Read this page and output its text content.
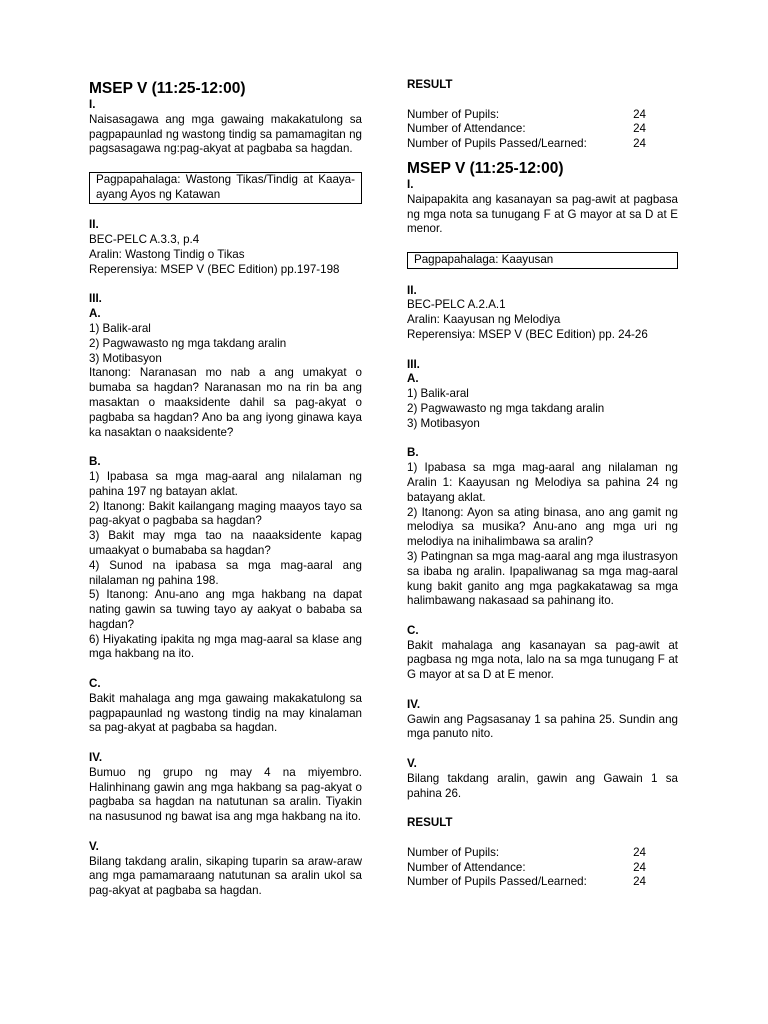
MSEP V (11:25-12:00)

I.

Naisasagawa ang mga gawaing makakatulong sa pagpapaunlad ng wastong tindig sa pamamagitan ng pagsasagawa ng:pag-akyat at pagbaba sa hagdan.

Pagpapahalaga: Wastong Tikas/Tindig at Kaaya-ayang Ayos ng Katawan

II.

BEC-PELC A.3.3, p.4

Aralin: Wastong Tindig o Tikas

Reperensiya: MSEP V (BEC Edition) pp.197-198

III.

A.

1) Balik-aral

2) Pagwawasto ng mga takdang aralin

3) Motibasyon

Itanong: Naranasan mo nab a ang umakyat o bumaba sa hagdan? Naranasan mo na rin ba ang masaktan o maaksidente dahil sa pag-akyat o pagbaba sa hagdan? Ano ba ang iyong ginawa kaya ka nasaktan o naaksidente?

B.

1) Ipabasa sa mga mag-aaral ang nilalaman ng pahina 197 ng batayan aklat.

2) Itanong: Bakit kailangang maging maayos tayo sa pag-akyat o pagbaba sa hagdan?

3) Bakit may mga tao na naaaksidente kapag umaakyat o bumababa sa hagdan?

4) Sunod na ipabasa sa mga mag-aaral ang nilalaman ng pahina 198.

5) Itanong: Anu-ano ang mga hakbang na dapat nating gawin sa tuwing tayo ay aakyat o bababa sa hagdan?

6) Hiyakating ipakita ng mga mag-aaral sa klase ang mga hakbang na ito.

C.

Bakit mahalaga ang mga gawaing makakatulong sa pagpapaunlad ng wastong tindig na may kinalaman sa pag-akyat at pagbaba sa hagdan.

IV.

Bumuo ng grupo ng may 4 na miyembro. Halinhinang gawin ang mga hakbang sa pag-akyat o pagbaba sa hagdan na natutunan sa aralin. Tiyakin na nasusunod ng bawat isa ang mga hakbang na ito.

V.

Bilang takdang aralin, sikaping tuparin sa araw-araw ang mga pamamaraang natutunan sa aralin ukol sa pag-akyat at pagbaba sa hagdan.

RESULT

Number of Pupils:	24
Number of Attendance:	24
Number of Pupils Passed/Learned:	24

MSEP V (11:25-12:00)

I.

Naipapakita ang kasanayan sa pag-awit at pagbasa ng mga nota sa tunugang F at G mayor at sa D at E menor.

Pagpapahalaga: Kaayusan

II.

BEC-PELC A.2.A.1

Aralin: Kaayusan ng Melodiya

Reperensiya: MSEP V (BEC Edition) pp. 24-26

III.

A.

1) Balik-aral

2) Pagwawasto ng mga takdang aralin

3) Motibasyon

B.

1) Ipabasa sa mga mag-aaral ang nilalaman ng Aralin 1: Kaayusan ng Melodiya sa pahina 24 ng batayang aklat.

2) Itanong: Ayon sa ating binasa, ano ang gamit ng melodiya sa musika? Anu-ano ang mga uri ng melodiya na inihalimbawa sa aralin?

3) Patingnan sa mga mag-aaral ang mga ilustrasyon sa ibaba ng aralin. Ipapaliwanag sa mga mag-aaral kung bakit ganito ang mga pagkakatawag sa mga halimbawang nakasaad sa pahinang ito.

C.

Bakit mahalaga ang kasanayan sa pag-awit at pagbasa ng mga nota, lalo na sa mga tunugang F at G mayor at sa D at E menor.

IV.

Gawin ang Pagsasanay 1 sa pahina 25. Sundin ang mga panuto nito.

V.

Bilang takdang aralin, gawin ang Gawain 1 sa pahina 26.

RESULT

Number of Pupils:	24
Number of Attendance:	24
Number of Pupils Passed/Learned:	24
